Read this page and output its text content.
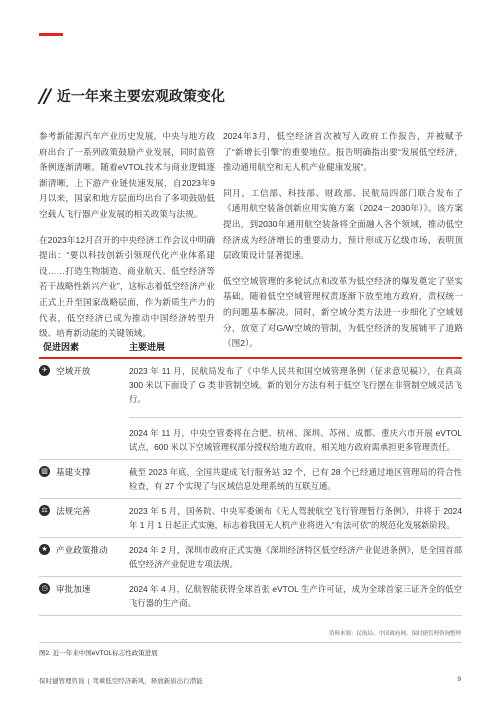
// 近一年来主要宏观政策变化

参考新能源汽车产业历史发展，中央与地方政府出台了一系列政策鼓励产业发展，同时监管条例逐渐清晰。随着eVTOL技术与商业逻辑逐渐清晰，上下游产业链快速发展，自2023年9月以来，国家和地方层面均出台了多项鼓励低空载人飞行器产业发展的相关政策与法规。

在2023年12月召开的中央经济工作会议中明确提出：“要以科技创新引领现代化产业体系建设……打造生物制造、商业航天、低空经济等若干战略性新兴产业”，这标志着低空经济产业正式上升至国家战略层面，作为新质生产力的代表，低空经济已成为推动中国经济转型升级、培育新动能的关键领域。

2024年3月，低空经济首次被写入政府工作报告，并被赋予了“新增长引擎”的重要地位。报告明确指出要“发展低空经济，推动通用航空和无人机产业健康发展”。

同月，工信部、科技部、财政部、民航局四部门联合发布了《通用航空装备创新应用实施方案（2024－2030年）》。该方案提出，到2030年通用航空装备将全面融入各个领域，推动低空经济成为经济增长的重要动力，预计形成万亿级市场，表明顶层政策设计显著提速。

低空空域管理的多轮试点和改革为低空经济的爆发奠定了坚实基础。随着低空空域管理权责逐渐下放至地方政府，责权统一的问题基本解决。同时，新空域分类方法进一步细化了空域划分，放宽了对G/W空域的管制，为低空经济的发展铺平了道路（图2）。

促进因素	主要进展
✈ 空域开放	2023 年 11 月，民航局发布了《中华人民共和国空域管理条例（征求意见稿）》，在真高 300 米以下面设了 G 类非管制空域。新的划分方法有利于低空飞行摆在非管制空域灵活飞行。

2024 年 11 月，中央空管委将在合肥、杭州、深圳、苏州、成都、重庆六市开展 eVTOL 试点，600 米以下空域管理权部分授权给地方政府，相关地方政府需承担更多管理责任。

▥ 基建支撑	截至 2023 年底，全国共建成飞行服务站 32 个，已有 28 个已经通过地区管理局的符合性检查，有 27 个实现了与区域信息处理系统的互联互通。

⚖ 法规完善	2023 年 5 月，国务院、中央军委颁布《无人驾驶航空飞行管理暂行条例》，并将于 2024 年 1 月 1 日起正式实施，标志着我国无人机产业将进入“有法可依”的规范化发展新阶段。

★ 产业政策推动	2024 年 2 月，深圳市政府正式实施《深圳经济特区低空经济产业促进条例》，是全国首部低空经济产业促进专项法规。

◷ 审批加速	2024 年 4 月，亿航智能获得全球首张 eVTOL 生产许可证，成为全球首家三证齐全的低空飞行器的生产商。

资料来源：民航局、中国政府网、保时捷管理咨询整理
图2. 近一年来中国eVTOL标志性政策进展
保时捷管理咨询 | 驾乘低空经济新风，释放新质出行潜能	9
